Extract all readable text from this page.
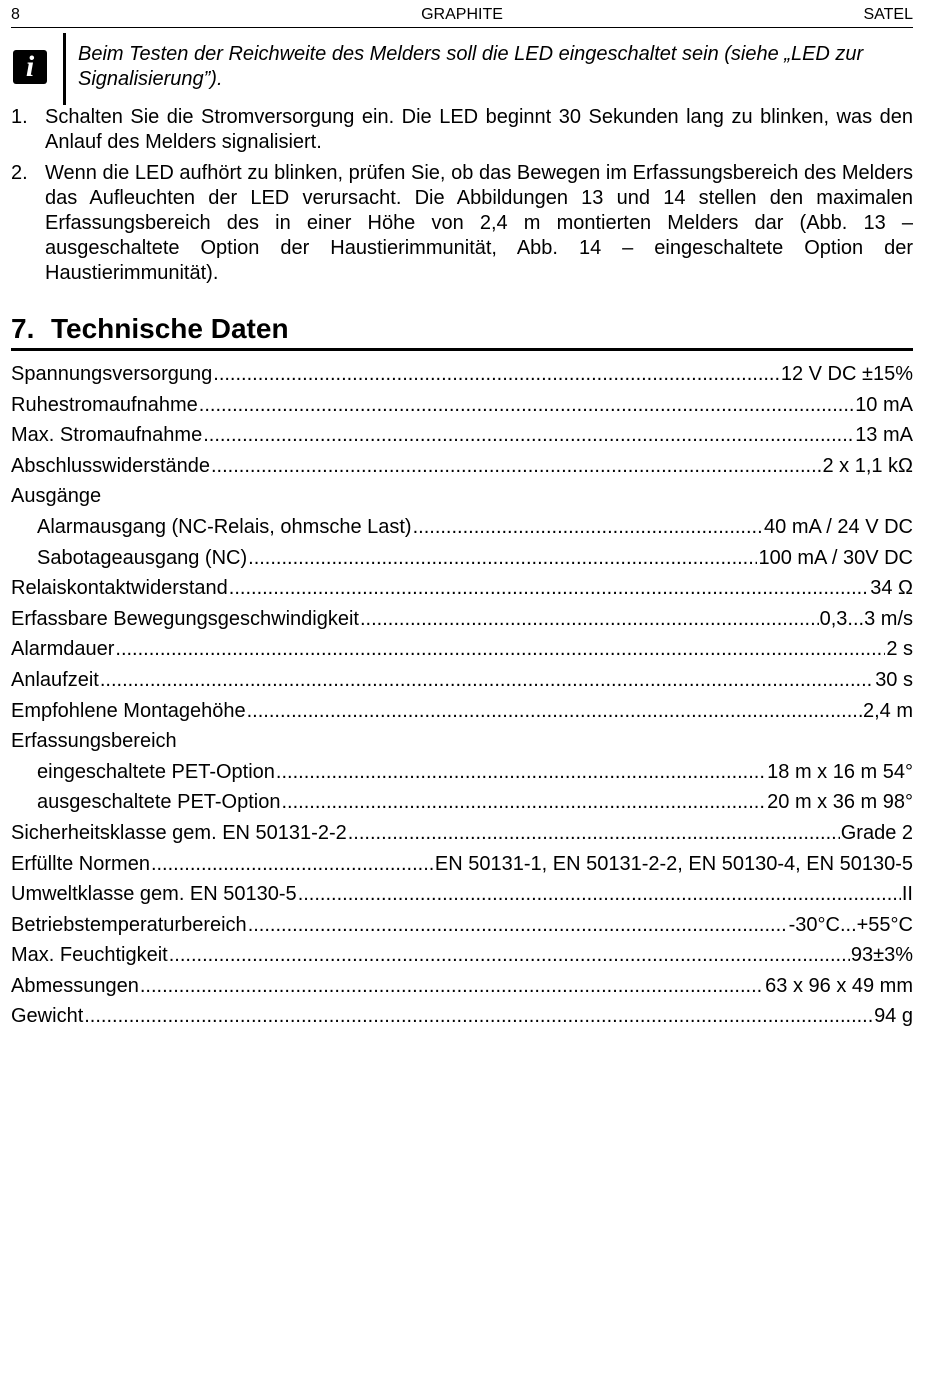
8	GRAPHITE	SATEL
i	Beim Testen der Reichweite des Melders soll die LED eingeschaltet sein (siehe „LED zur Signalisierung”).
1. Schalten Sie die Stromversorgung ein. Die LED beginnt 30 Sekunden lang zu blinken, was den Anlauf des Melders signalisiert.
2. Wenn die LED aufhört zu blinken, prüfen Sie, ob das Bewegen im Erfassungsbereich des Melders das Aufleuchten der LED verursacht. Die Abbildungen 13 und 14 stellen den maximalen Erfassungsbereich des in einer Höhe von 2,4 m montierten Melders dar (Abb. 13 – ausgeschaltete Option der Haustierimmunität, Abb. 14 – eingeschaltete Option der Haustierimmunität).
7. Technische Daten
Spannungsversorgung .....	12 V DC ±15%
Ruhestromaufnahme .....	10 mA
Max. Stromaufnahme .....	13 mA
Abschlusswiderstände .....	2 x 1,1 kΩ
Ausgänge
Alarmausgang (NC-Relais, ohmsche Last) .....	40 mA / 24 V DC
Sabotageausgang (NC) .....	100 mA / 30V DC
Relaiskontaktwiderstand .....	34 Ω
Erfassbare Bewegungsgeschwindigkeit .....	0,3...3 m/s
Alarmdauer .....	2 s
Anlaufzeit .....	30 s
Empfohlene Montagehöhe .....	2,4 m
Erfassungsbereich
eingeschaltete PET-Option .....	18 m x 16 m 54°
ausgeschaltete PET-Option .....	20 m x 36 m 98°
Sicherheitsklasse gem. EN 50131-2-2 .....	Grade 2
Erfüllte Normen .....	EN 50131-1, EN 50131-2-2, EN 50130-4, EN 50130-5
Umweltklasse gem. EN 50130-5 .....	II
Betriebstemperaturbereich .....	-30°C...+55°C
Max. Feuchtigkeit .....	93±3%
Abmessungen .....	63 x 96 x 49 mm
Gewicht .....	94 g
